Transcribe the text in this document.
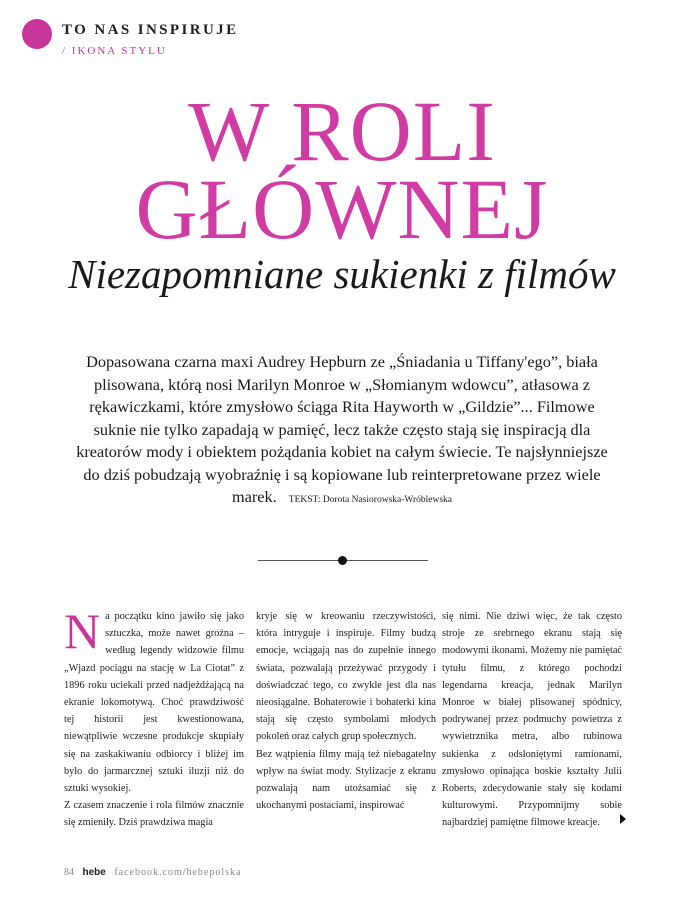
TO NAS INSPIRUJE
/ IKONA STYLU
W ROLI
GŁÓWNEJ
Niezapomniane sukienki z filmów
Dopasowana czarna maxi Audrey Hepburn ze „Śniadania u Tiffany'ego”, biała plisowana, którą nosi Marilyn Monroe w „Słomianym wdowcu”, atłasowa z rękawiczkami, które zmysłowo ściąga Rita Hayworth w „Gildzie”... Filmowe suknie nie tylko zapadają w pamięć, lecz także często stają się inspiracją dla kreatorów mody i obiektem pożądania kobiet na całym świecie. Te najsłynniejsze do dziś pobudzają wyobraźnię i są kopiowane lub reinterpretowane przez wiele marek. TEKST: Dorota Nasiorowska-Wróblewska

Na początku kino jawiło się jako sztuczka, może nawet groźna – według legendy widzowie filmu „Wjazd pociągu na stację w La Ciotat” z 1896 roku uciekali przed nadjeżdżającą na ekranie lokomotywą. Choć prawdziwość tej historii jest kwestionowana, niewątpliwie wczesne produkcje skupiały się na zaskakiwaniu odbiorcy i bliżej im było do jarmarcznej sztuki iluzji niż do sztuki wysokiej.

Z czasem znaczenie i rola filmów znacznie się zmieniły. Dziś prawdziwa magia

kryje się w kreowaniu rzeczywistości, która intryguje i inspiruje. Filmy budzą emocje, wciągają nas do zupełnie innego świata, pozwalają przeżywać przygody i doświadczać tego, co zwykle jest dla nas nieosiągalne. Bohaterowie i bohaterki kina stają się często symbolami młodych pokoleń oraz całych grup społecznych.

Bez wątpienia filmy mają też niebagatelny wpływ na świat mody. Stylizacje z ekranu pozwalają nam utożsamiać się z ukochanymi postaciami, inspirować

się nimi. Nie dziwi więc, że tak często stroje ze srebrnego ekranu stają się modowymi ikonami. Możemy nie pamiętać tytułu filmu, z którego pochodzi legendarna kreacja, jednak Marilyn Monroe w białej plisowanej spódnicy, podrywanej przez podmuchy powietrza z wywietrznika metra, albo rubinowa sukienka z odsłoniętymi ramionami, zmysłowo opinająca boskie kształty Julii Roberts, zdecydowanie stały się kodami kulturowymi. Przypomnijmy sobie najbardziej pamiętne filmowe kreacje.

84 hebe facebook.com/hebepolska
